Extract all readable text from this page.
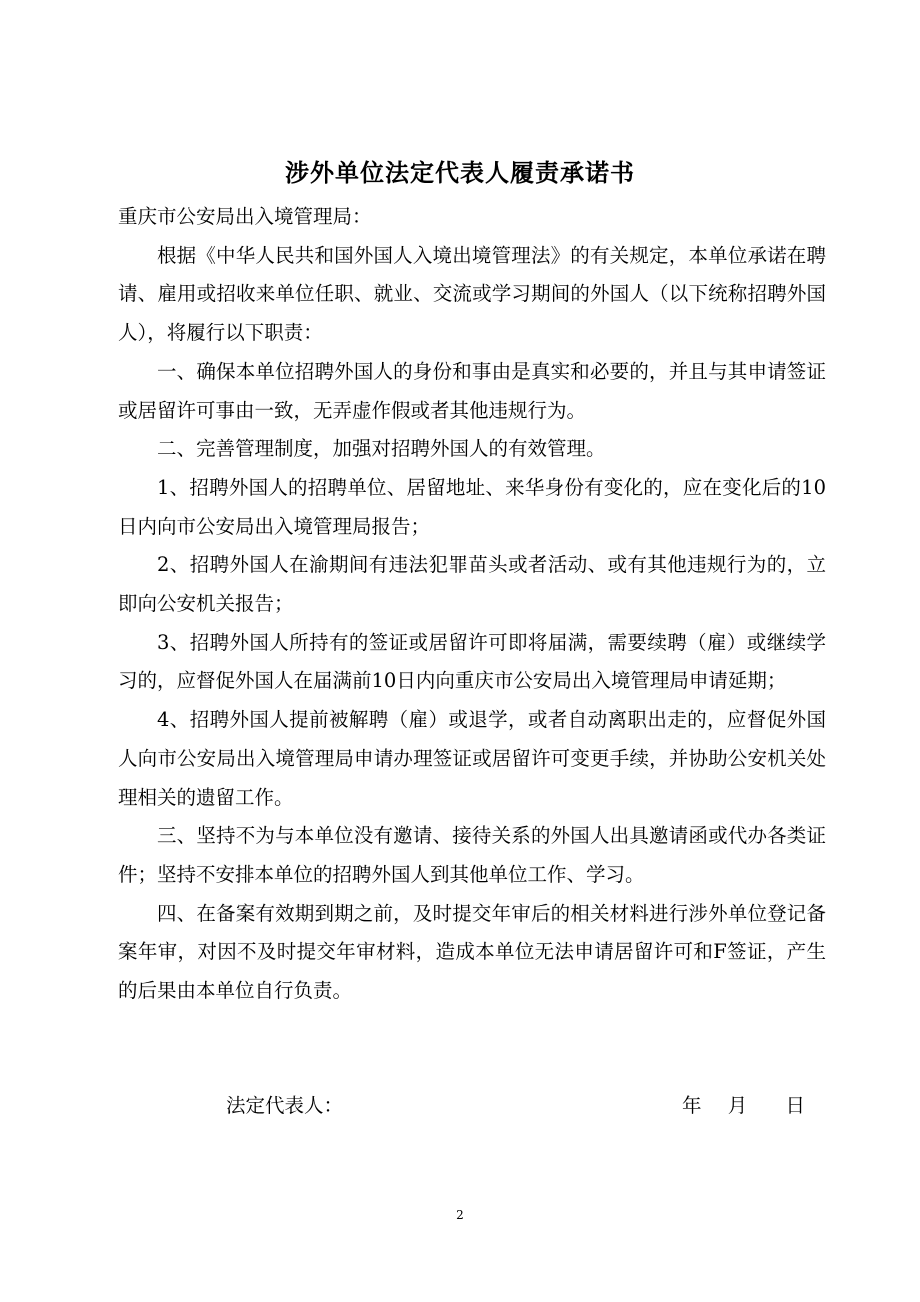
涉外单位法定代表人履责承诺书

重庆市公安局出入境管理局：

根据《中华人民共和国外国人入境出境管理法》的有关规定，本单位承诺在聘请、雇用或招收来单位任职、就业、交流或学习期间的外国人（以下统称招聘外国人），将履行以下职责：

一、确保本单位招聘外国人的身份和事由是真实和必要的，并且与其申请签证或居留许可事由一致，无弄虚作假或者其他违规行为。

二、完善管理制度，加强对招聘外国人的有效管理。

1、招聘外国人的招聘单位、居留地址、来华身份有变化的，应在变化后的10日内向市公安局出入境管理局报告；

2、招聘外国人在渝期间有违法犯罪苗头或者活动、或有其他违规行为的，立即向公安机关报告；

3、招聘外国人所持有的签证或居留许可即将届满，需要续聘（雇）或继续学习的，应督促外国人在届满前10日内向重庆市公安局出入境管理局申请延期；

4、招聘外国人提前被解聘（雇）或退学，或者自动离职出走的，应督促外国人向市公安局出入境管理局申请办理签证或居留许可变更手续，并协助公安机关处理相关的遗留工作。

三、坚持不为与本单位没有邀请、接待关系的外国人出具邀请函或代办各类证件；坚持不安排本单位的招聘外国人到其他单位工作、学习。

四、在备案有效期到期之前，及时提交年审后的相关材料进行涉外单位登记备案年审，对因不及时提交年审材料，造成本单位无法申请居留许可和F签证，产生的后果由本单位自行负责。

法定代表人：	年 月 日
2
